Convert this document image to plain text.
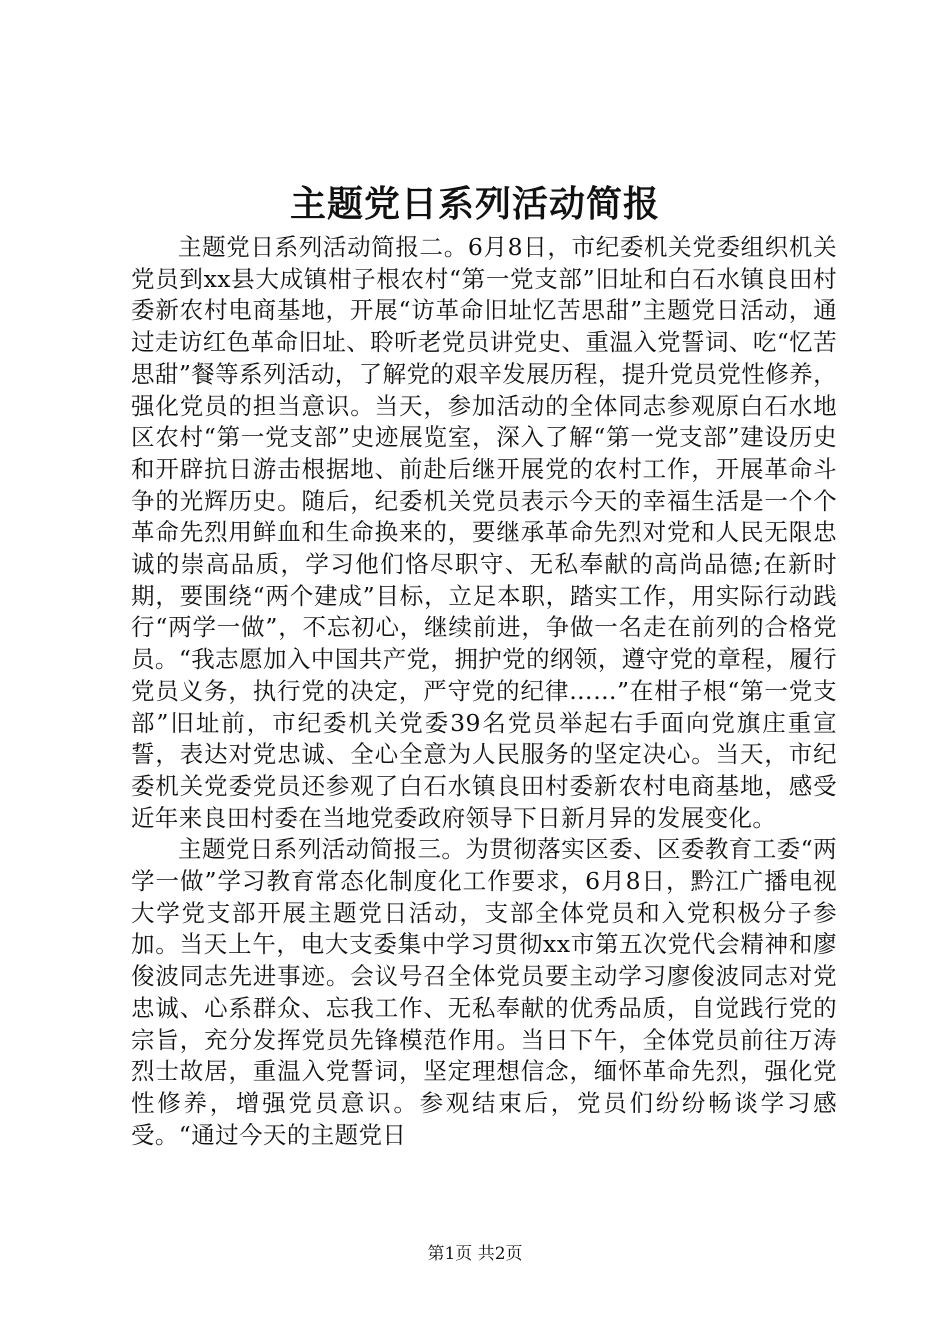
主题党日系列活动简报

主题党日系列活动简报二。6月8日，市纪委机关党委组织机关党员到xx县大成镇柑子根农村“第一党支部”旧址和白石水镇良田村委新农村电商基地，开展“访革命旧址忆苦思甜”主题党日活动，通过走访红色革命旧址、聆听老党员讲党史、重温入党誓词、吃“忆苦思甜”餐等系列活动，了解党的艰辛发展历程，提升党员党性修养，强化党员的担当意识。当天，参加活动的全体同志参观原白石水地区农村“第一党支部”史迹展览室，深入了解“第一党支部”建设历史和开辟抗日游击根据地、前赴后继开展党的农村工作，开展革命斗争的光辉历史。随后，纪委机关党员表示今天的幸福生活是一个个革命先烈用鲜血和生命换来的，要继承革命先烈对党和人民无限忠诚的崇高品质，学习他们恪尽职守、无私奉献的高尚品德;在新时期，要围绕“两个建成”目标，立足本职，踏实工作，用实际行动践行“两学一做”，不忘初心，继续前进，争做一名走在前列的合格党员。“我志愿加入中国共产党，拥护党的纲领，遵守党的章程，履行党员义务，执行党的决定，严守党的纪律……”在柑子根“第一党支部”旧址前，市纪委机关党委39名党员举起右手面向党旗庄重宣誓，表达对党忠诚、全心全意为人民服务的坚定决心。当天，市纪委机关党委党员还参观了白石水镇良田村委新农村电商基地，感受近年来良田村委在当地党委政府领导下日新月异的发展变化。

主题党日系列活动简报三。为贯彻落实区委、区委教育工委“两学一做”学习教育常态化制度化工作要求，6月8日，黔江广播电视大学党支部开展主题党日活动，支部全体党员和入党积极分子参加。当天上午，电大支委集中学习贯彻xx市第五次党代会精神和廖俊波同志先进事迹。会议号召全体党员要主动学习廖俊波同志对党忠诚、心系群众、忘我工作、无私奉献的优秀品质，自觉践行党的宗旨，充分发挥党员先锋模范作用。当日下午，全体党员前往万涛烈士故居，重温入党誓词，坚定理想信念，缅怀革命先烈，强化党性修养，增强党员意识。参观结束后，党员们纷纷畅谈学习感受。“通过今天的主题党日

第1页 共2页
